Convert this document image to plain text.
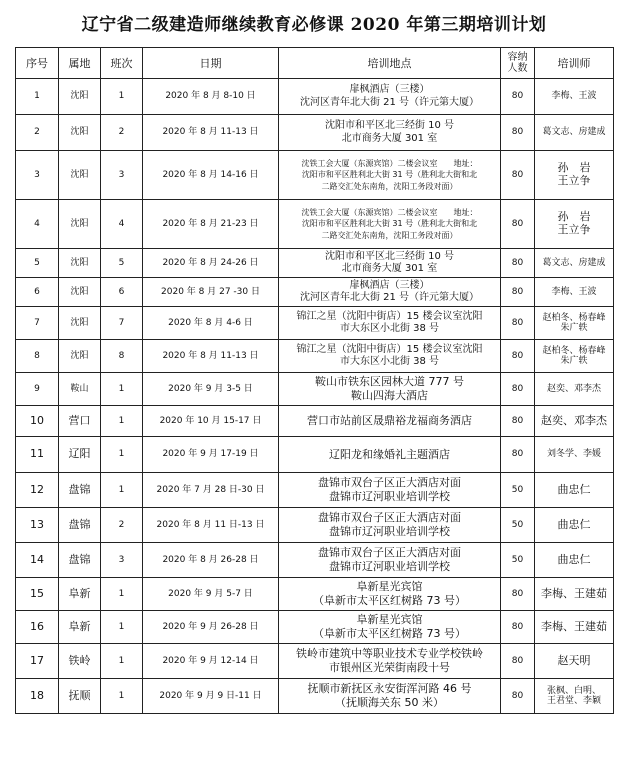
辽宁省二级建造师继续教育必修课 2020 年第三期培训计划
序号	属地	班次	日期	培训地点	容纳人数	培训师
1	沈阳	1	2020 年 8 月 8-10 日	扉枫酒店（三楼）
沈河区青年北大街 21 号（许元第大厦）	80	李梅、王波

2	沈阳	2	2020 年 8 月 11-13 日	沈阳市和平区北三经街 10 号
北市商务大厦 301 室	80	葛文志、房建成

3	沈阳	3	2020 年 8 月 14-16 日	沈铁工会大厦（东源宾馆）二楼会议室　　地址：
沈阳市和平区胜利北大街 31 号（胜利北大街和北
二路交汇处东南角，沈阳工务段对面）	80	孙　岩
王立争

4	沈阳	4	2020 年 8 月 21-23 日	沈铁工会大厦（东源宾馆）二楼会议室　　地址：
沈阳市和平区胜利北大街 31 号（胜利北大街和北
二路交汇处东南角，沈阳工务段对面）	80	孙　岩
王立争

5	沈阳	5	2020 年 8 月 24-26 日	沈阳市和平区北三经街 10 号
北市商务大厦 301 室	80	葛文志、房建成

6	沈阳	6	2020 年 8 月 27 -30 日	扉枫酒店（三楼）
沈河区青年北大街 21 号（许元第大厦）	80	李梅、王波

7	沈阳	7	2020 年 8 月 4-6 日	锦江之星（沈阳中街店）15 楼会议室沈阳
市大东区小北街 38 号	80	赵柏冬、杨春峰
朱广轶

8	沈阳	8	2020 年 8 月 11-13 日	锦江之星（沈阳中街店）15 楼会议室沈阳
市大东区小北街 38 号	80	赵柏冬、杨春峰
朱广轶

9	鞍山	1	2020 年 9 月 3-5 日	鞍山市铁东区园林大道 777 号
鞍山四海大酒店	80	赵奕、邓李杰

10	营口	1	2020 年 10 月 15-17 日	营口市站前区晟鼎裕龙福商务酒店	80	赵奕、邓李杰

11	辽阳	1	2020 年 9 月 17-19 日	辽阳龙和缘婚礼主题酒店	80	刘冬学、李媛

12	盘锦	1	2020 年 7 月 28 日-30 日	盘锦市双台子区正大酒店对面
盘锦市辽河职业培训学校	50	曲忠仁

13	盘锦	2	2020 年 8 月 11 日-13 日	盘锦市双台子区正大酒店对面
盘锦市辽河职业培训学校	50	曲忠仁

14	盘锦	3	2020 年 8 月 26-28 日	盘锦市双台子区正大酒店对面
盘锦市辽河职业培训学校	50	曲忠仁

15	阜新	1	2020 年 9 月 5-7 日	阜新星光宾馆
（阜新市太平区红树路 73 号）	80	李梅、王建茹

16	阜新	1	2020 年 9 月 26-28 日	阜新星光宾馆
（阜新市太平区红树路 73 号）	80	李梅、王建茹

17	铁岭	1	2020 年 9 月 12-14 日	铁岭市建筑中等职业技术专业学校铁岭
市银州区光荣街南段十号	80	赵天明

18	抚顺	1	2020 年 9 月 9 日-11 日	抚顺市新抚区永安街浑河路 46 号
（抚顺海关东 50 米）	80	张枫、白明、
王君堂、李颖
